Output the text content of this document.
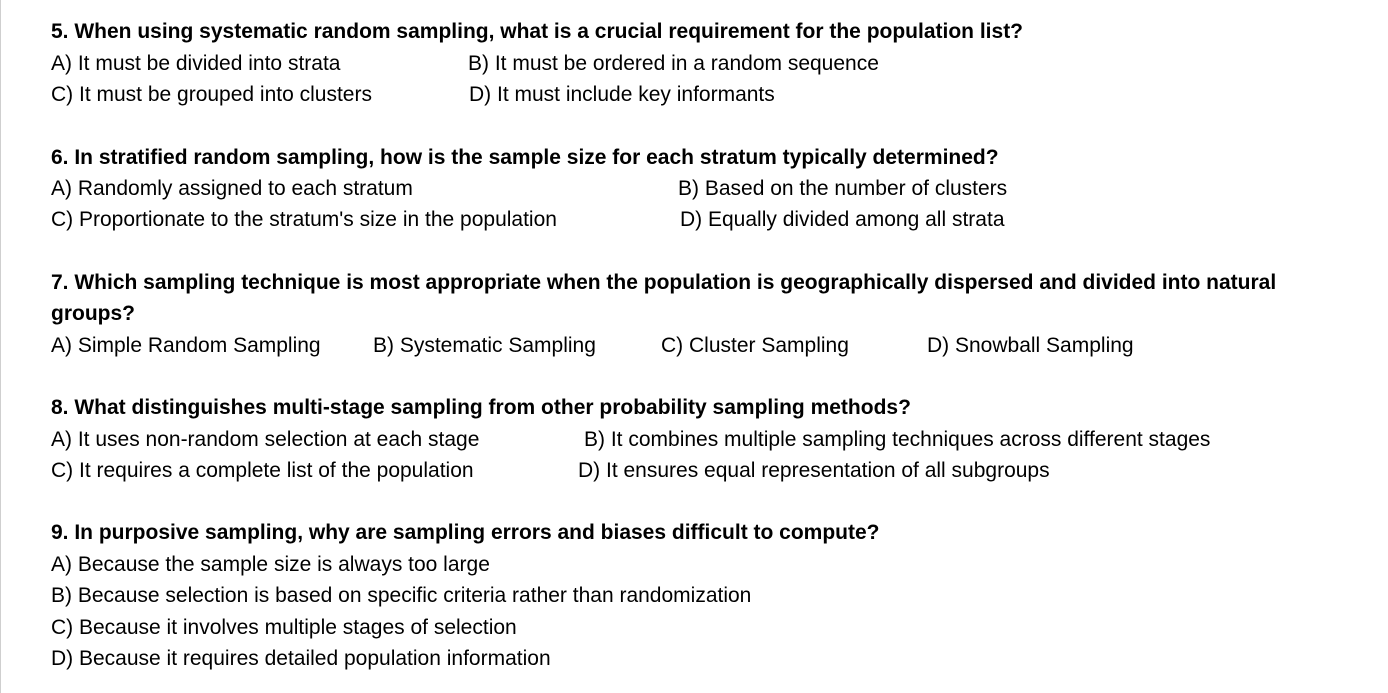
5. When using systematic random sampling, what is a crucial requirement for the population list?
A) It must be divided into strata	B) It must be ordered in a random sequence
C) It must be grouped into clusters	D) It must include key informants
6. In stratified random sampling, how is the sample size for each stratum typically determined?
A) Randomly assigned to each stratum	B) Based on the number of clusters
C) Proportionate to the stratum's size in the population	D) Equally divided among all strata
7. Which sampling technique is most appropriate when the population is geographically dispersed and divided into natural
groups?
A) Simple Random Sampling B) Systematic Sampling	C) Cluster Sampling	D) Snowball Sampling
8. What distinguishes multi-stage sampling from other probability sampling methods?
A) It uses non-random selection at each stage	B) It combines multiple sampling techniques across different stages
C) It requires a complete list of the population	D) It ensures equal representation of all subgroups
9. In purposive sampling, why are sampling errors and biases difficult to compute?
A) Because the sample size is always too large
B) Because selection is based on specific criteria rather than randomization
C) Because it involves multiple stages of selection
D) Because it requires detailed population information
